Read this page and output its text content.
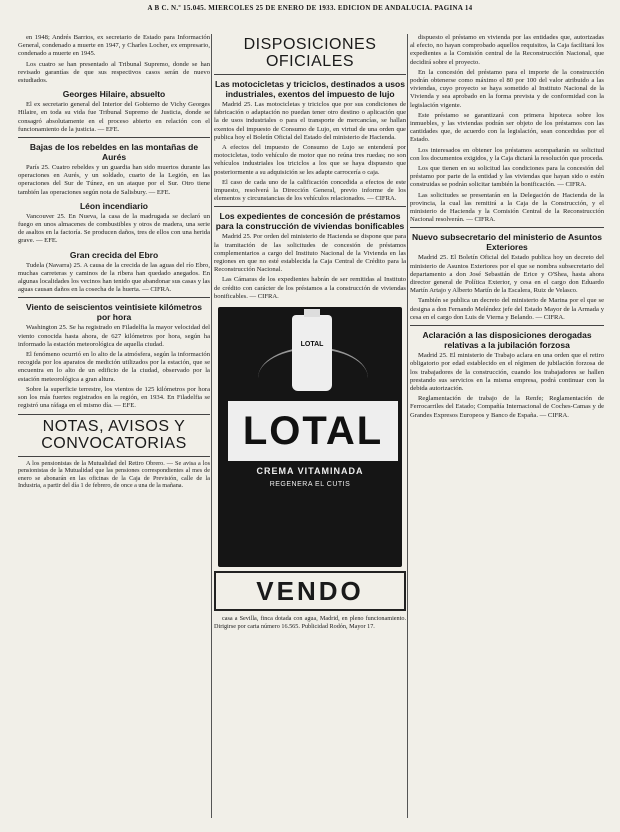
A B C. N.º 15.045. MIERCOLES 25 DE ENERO DE 1933. EDICION DE ANDALUCIA. PAGINA 14

en 1948; Andrés Barrios, ex secretario de Estado para Información General, condenado a muerte en 1947, y Charles Locher, ex empresario, condenado a muerte en 1945.

Los cuatro se han presentado al Tribunal Supremo, donde se han revisado garantías de que sus respectivos casos serán de nuevo estudiados.

Georges Hilaire, absuelto

El ex secretario general del Interior del Gobierno de Vichy Georges Hilaire, en toda su vida fue Tribunal Supremo de Justicia, donde se consagró absolutamente en el proceso abierto en relación con el funcionamiento de la justicia. — EFE.

Bajas de los rebeldes en las montañas de Aurés

París 25. Cuatro rebeldes y un guardia han sido muertos durante las operaciones en Aurés, y un soldado, cuarto de la Legión, en las operaciones del Sur de Túnez, en un ataque por el Sur. Otro tiene también las operaciones según nota de Salisbury. — EFE.

Léon incendiario

Vancouver 25. En Nueva, la casa de la madrugada se declaró un fuego en unos almacenes de combustibles y otros de madera, una serie de asaltos en la factoría. Se producen daños, tres de ellos con una herida grave. — EFE.

Gran crecida del Ebro

Tudela (Navarra) 25. A causa de la crecida de las aguas del río Ebro, muchas carreteras y caminos de la ribera han quedado anegados. En algunas localidades los vecinos han tenido que abandonar sus casas y las aguas causan daños en la cosecha de la huerta. — CIFRA.

Viento de seiscientos veintisiete kilómetros por hora

Washington 25. Se ha registrado en Filadelfia la mayor velocidad del viento conocida hasta ahora, de 627 kilómetros por hora, según ha informado la estación meteorológica de aquella ciudad.

El fenómeno ocurrió en lo alto de la atmósfera, según la información recogida por los aparatos de medición utilizados por la estación, que se encuentra en lo alto de un edificio de la ciudad, observado por la estación meteorológica a gran altura.

Sobre la superficie terrestre, los vientos de 125 kilómetros por hora son los más fuertes registrados en la región, en 1934. En Filadelfia se registró una ráfaga en el mismo día. — EFE.

NOTAS, AVISOS Y CONVOCATORIAS

A los pensionistas de la Mutualidad del Retiro Obrero. — Se avisa a los pensionistas de la Mutualidad que las pensiones correspondientes al mes de enero se abonarán en las oficinas de la Caja de Previsión, calle de la Industria, a partir del día 1 de febrero, de once a una de la mañana.

DISPOSICIONES OFICIALES
Las motocicletas y triciclos, destinados a usos industriales, exentos del impuesto de lujo

Madrid 25. Las motocicletas y triciclos que por sus condiciones de fabricación o adaptación no puedan tener otro destino o aplicación que la de usos industriales o para el transporte de mercancías, se hallan exentos del impuesto de Consumo de Lujo, en virtud de una orden que publica hoy el Boletín Oficial del Estado del ministerio de Hacienda.

A efectos del impuesto de Consumo de Lujo se entenderá por motocicletas, todo vehículo de motor que no reúna tres ruedas; no son vehículos industriales los triciclos a los que se haya dispuesto que posteriormente a su adquisición se les adapte carrocería o caja.

El caso de cada uno de la calificación concedida a efectos de este impuesto, resolverá la Dirección General, previo informe de los elementos y circunstancias de los vehículos relacionados. — CIFRA.

Los expedientes de concesión de préstamos para la construcción de viviendas bonificables

Madrid 25. Por orden del ministerio de Hacienda se dispone que para la tramitación de las solicitudes de concesión de préstamos complementarios a cargo del Instituto Nacional de la Vivienda en las regiones en que no esté establecida la Caja Central de Crédito para la Reconstrucción Nacional.

Las Cámaras de los expedientes habrán de ser remitidas al Instituto de crédito con carácter de los préstamos a la construcción de viviendas bonificables. — CIFRA.

LOTAL
LOTAL
CREMA VITAMINADA
REGENERA EL CUTIS
VENDO

casa a Sevilla, finca dotada con agua, Madrid, en pleno funcionamiento. Dirigirse por carta número 16.565. Publicidad Rodón, Mayor 17.

dispuesto el préstamo en vivienda por las entidades que, autorizadas al efecto, no hayan comprobado aquellos requisitos, la Caja facilitará los expedientes a la Comisión central de la Reconstrucción Nacional, que decidirá sobre el proyecto.

En la concesión del préstamo para el importe de la construcción podrán obtenerse como máximo el 80 por 100 del valor atribuido a las viviendas, cuyo proyecto se haya sometido al Instituto Nacional de la Vivienda y sea aprobado en la forma prevista y de conformidad con la legislación vigente.

Este préstamo se garantizará con primera hipoteca sobre los inmuebles, y las viviendas podrán ser objeto de los préstamos con las cantidades que, de acuerdo con la legislación, sean concedidas por el Estado.

Los interesados en obtener los préstamos acompañarán su solicitud con los documentos exigidos, y la Caja dictará la resolución que proceda.

Los que tienen en su solicitud las condiciones para la concesión del préstamo por parte de la entidad y las viviendas que hayan sido o estén construidas se podrán solicitar también la bonificación. — CIFRA.

Las solicitudes se presentarán en la Delegación de Hacienda de la provincia, la cual las remitirá a la Caja de la Construcción, y el ministerio de Hacienda y la Comisión Central de la Reconstrucción Nacional resolverán. — CIFRA.

Nuevo subsecretario del ministerio de Asuntos Exteriores

Madrid 25. El Boletín Oficial del Estado publica hoy un decreto del ministerio de Asuntos Exteriores por el que se nombra subsecretario del departamento a don José Sebastián de Erice y O'Shea, hasta ahora director general de Política Exterior, y cesa en el cargo don Eduardo Martín Artajo y Alberto Martín de la Escalera, Ruiz de Velasco.

También se publica un decreto del ministerio de Marina por el que se designa a don Fernando Meléndez jefe del Estado Mayor de la Armada y cesa en el cargo don Luis de Vierna y Belando. — CIFRA.

Aclaración a las disposiciones derogadas relativas a la jubilación forzosa

Madrid 25. El ministerio de Trabajo aclara en una orden que el retiro obligatorio por edad establecido en el régimen de jubilación forzosa de los trabajadores de la construcción, cuando los trabajadores se hallen prestando sus servicios en la misma empresa, podrá continuar con la debida autorización.

Reglamentación de trabajo de la Renfe; Reglamentación de Ferrocarriles del Estado; Compañía Internacional de Coches-Camas y de Grandes Expresos Europeos y Banco de España. — CIFRA.
